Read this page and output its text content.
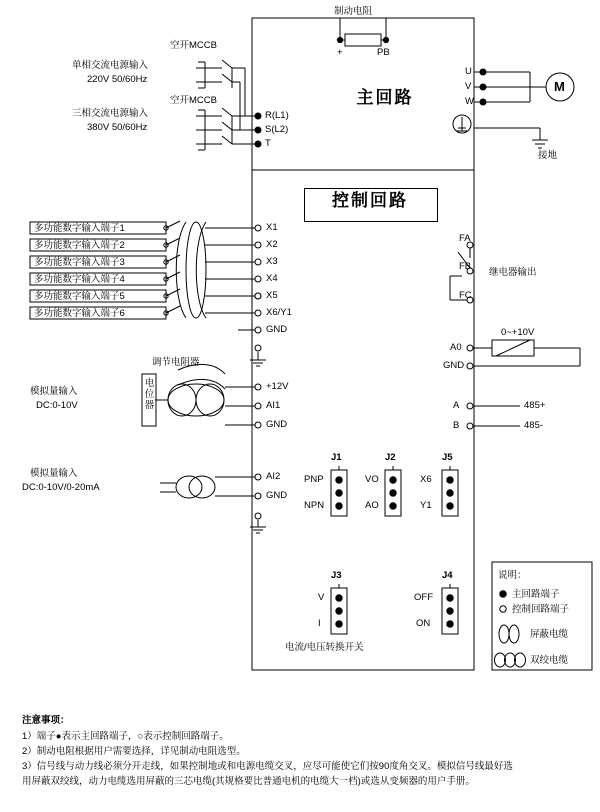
制动电阻
+	PB
空开MCCB
空开MCCB
单相交流电源输入
220V 50/60Hz
三相交流电源输入
380V 50/60Hz
R(L1)
S(L2)
T
U
V
W
M
接地
主回路
控制回路
多功能数字输入端子1
多功能数字输入端子2
多功能数字输入端子3
多功能数字输入端子4
多功能数字输入端子5
多功能数字输入端子6
X1
X2
X3
X4
X5
X6/Y1
GND
调节电阻器
电位器
模拟量输入
DC:0-10V
+12V
AI1
GND
模拟量输入
DC:0-10V/0-20mA
AI2
GND
FA
FB
FC
继电器输出
0~+10V
A0
GND
A
B
485+
485-
J1
PNP
NPN
J2
VO
AO
J5
X6
Y1
J3
V
I
J4
OFF
ON
电流/电压转换开关
说明：
主回路端子
控制回路端子
屏蔽电缆
双绞电缆
注意事项：

1）端子●表示主回路端子，○表示控制回路端子。

2）制动电阻根据用户需要选择，详见制动电阻选型。

3）信号线与动力线必须分开走线，如果控制地或和电源电缆交叉，应尽可能使它们按90度角交叉。模拟信号线最好选

用屏蔽双绞线，动力电缆选用屏蔽的三芯电缆(其规格要比普通电机的电缆大一档)或选从变频器的用户手册。
